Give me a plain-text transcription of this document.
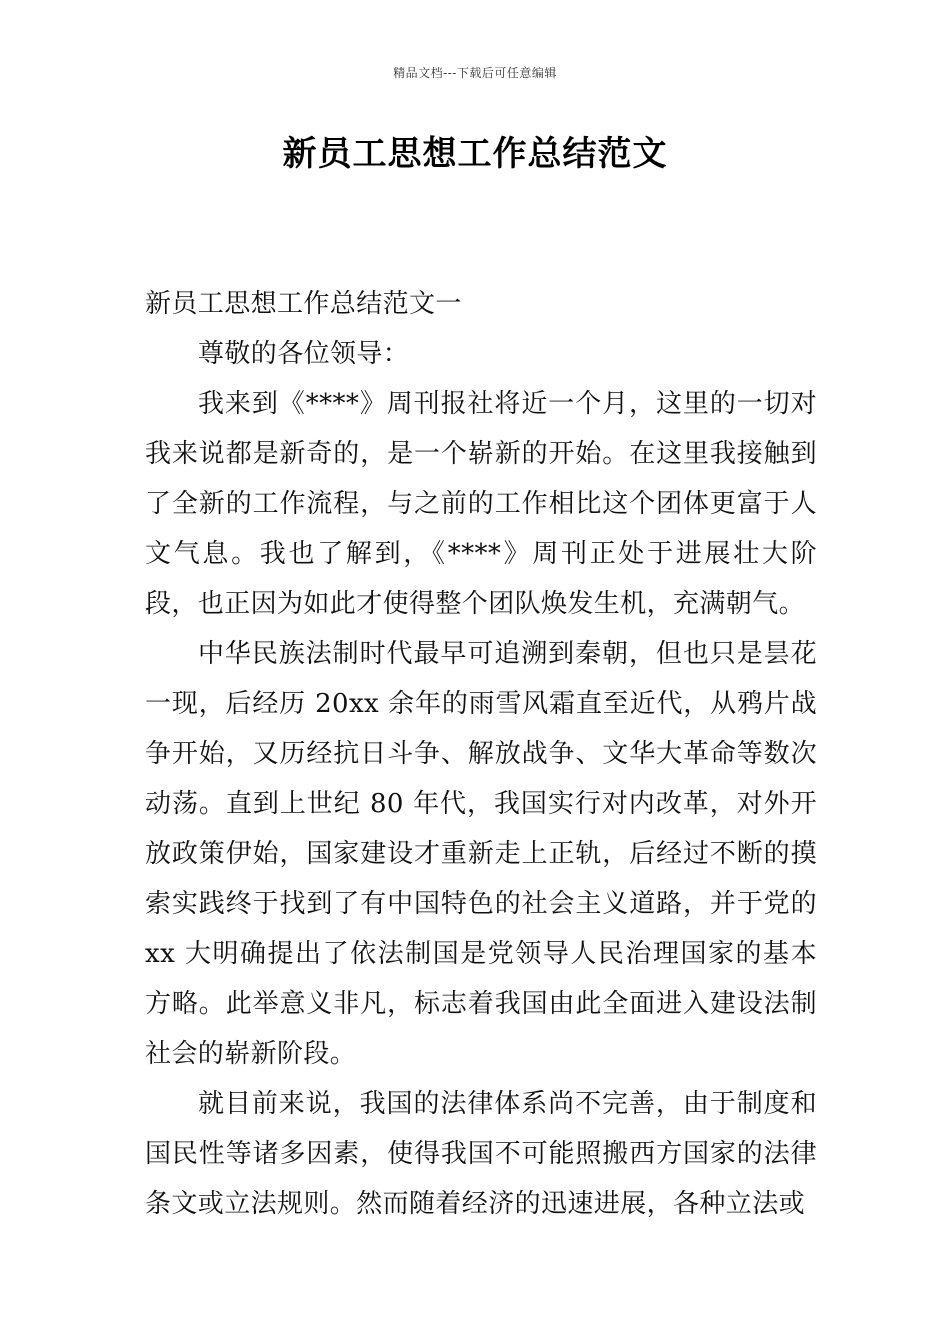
精品文档---下载后可任意编辑
新员工思想工作总结范文

新员工思想工作总结范文一

尊敬的各位领导：

我来到《****》周刊报社将近一个月，这里的一切对我来说都是新奇的，是一个崭新的开始。在这里我接触到了全新的工作流程，与之前的工作相比这个团体更富于人文气息。我也了解到，《****》周刊正处于进展壮大阶段，也正因为如此才使得整个团队焕发生机，充满朝气。

中华民族法制时代最早可追溯到秦朝，但也只是昙花一现，后经历 20xx 余年的雨雪风霜直至近代，从鸦片战争开始，又历经抗日斗争、解放战争、文华大革命等数次动荡。直到上世纪 80 年代，我国实行对内改革，对外开放政策伊始，国家建设才重新走上正轨，后经过不断的摸索实践终于找到了有中国特色的社会主义道路，并于党的 xx 大明确提出了依法制国是党领导人民治理国家的基本方略。此举意义非凡，标志着我国由此全面进入建设法制社会的崭新阶段。

就目前来说，我国的法律体系尚不完善，由于制度和国民性等诸多因素，使得我国不可能照搬西方国家的法律条文或立法规则。然而随着经济的迅速进展，各种立法或
